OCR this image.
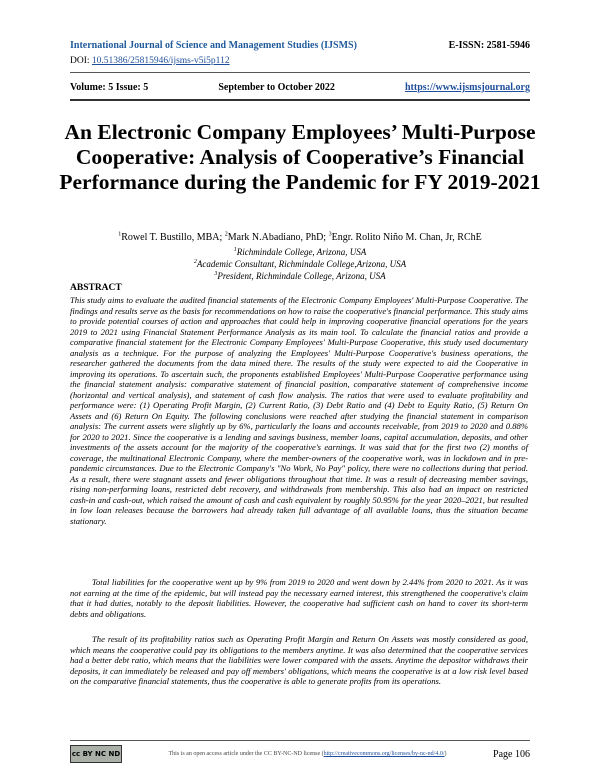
International Journal of Science and Management Studies (IJSMS)	E-ISSN: 2581-5946
DOI: 10.51386/25815946/ijsms-v5i5p112
Volume: 5 Issue: 5	September to October 2022	https://www.ijsmsjournal.org
An Electronic Company Employees’ Multi-Purpose Cooperative: Analysis of Cooperative’s Financial Performance during the Pandemic for FY 2019-2021
$^1$Rowel T. Bustillo, MBA; $^2$Mark N.Abadiano, PhD; $^3$Engr. Rolito Niño M. Chan, Jr, RChE
$^1$Richmindale College, Arizona, USA
$^2$Academic Consultant, Richmindale College,Arizona, USA
$^3$President, Richmindale College, Arizona, USA
ABSTRACT
This study aims to evaluate the audited financial statements of the Electronic Company Employees' Multi-Purpose Cooperative. The findings and results serve as the basis for recommendations on how to raise the cooperative's financial performance. This study aims to provide potential courses of action and approaches that could help in improving cooperative financial operations for the years 2019 to 2021 using Financial Statement Performance Analysis as its main tool. To calculate the financial ratios and provide a comparative financial statement for the Electronic Company Employees' Multi-Purpose Cooperative, this study used documentary analysis as a technique. For the purpose of analyzing the Employees' Multi-Purpose Cooperative's business operations, the researcher gathered the documents from the data mined there. The results of the study were expected to aid the Cooperative in improving its operations. To ascertain such, the proponents established Employees' Multi-Purpose Cooperative performance using the financial statement analysis: comparative statement of financial position, comparative statement of comprehensive income (horizontal and vertical analysis), and statement of cash flow analysis. The ratios that were used to evaluate profitability and performance were: (1) Operating Profit Margin, (2) Current Ratio, (3) Debt Ratio and (4) Debt to Equity Ratio, (5) Return On Assets and (6) Return On Equity. The following conclusions were reached after studying the financial statement in comparison analysis: The current assets were slightly up by 6%, particularly the loans and accounts receivable, from 2019 to 2020 and 0.88% for 2020 to 2021. Since the cooperative is a lending and savings business, member loans, capital accumulation, deposits, and other investments of the assets account for the majority of the cooperative's earnings. It was said that for the first two (2) months of coverage, the multinational Electronic Company, where the member-owners of the cooperative work, was in lockdown and in pre-pandemic circumstances. Due to the Electronic Company's "No Work, No Pay" policy, there were no collections during that period. As a result, there were stagnant assets and fewer obligations throughout that time. It was a result of decreasing member savings, rising non-performing loans, restricted debt recovery, and withdrawals from membership. This also had an impact on restricted cash-in and cash-out, which raised the amount of cash and cash equivalent by roughly 50.95% for the year 2020–2021, but resulted in low loan releases because the borrowers had already taken full advantage of all available loans, thus the situation became stationary.
Total liabilities for the cooperative went up by 9% from 2019 to 2020 and went down by 2.44% from 2020 to 2021. As it was not earning at the time of the epidemic, but will instead pay the necessary earned interest, this strengthened the cooperative's claim that it had duties, notably to the deposit liabilities. However, the cooperative had sufficient cash on hand to cover its short-term debts and obligations.
The result of its profitability ratios such as Operating Profit Margin and Return On Assets was mostly considered as good, which means the cooperative could pay its obligations to the members anytime. It was also determined that the cooperative services had a better debt ratio, which means that the liabilities were lower compared with the assets. Anytime the depositor withdraws their deposits, it can immediately be released and pay off members' obligations, which means the cooperative is at a low risk level based on the comparative financial statements, thus the cooperative is able to generate profits from its operations.
cc BY NC ND	This is an open access article under the CC BY-NC-ND license (http://creativecommons.org/licenses/by-nc-nd/4.0/)	Page 106
